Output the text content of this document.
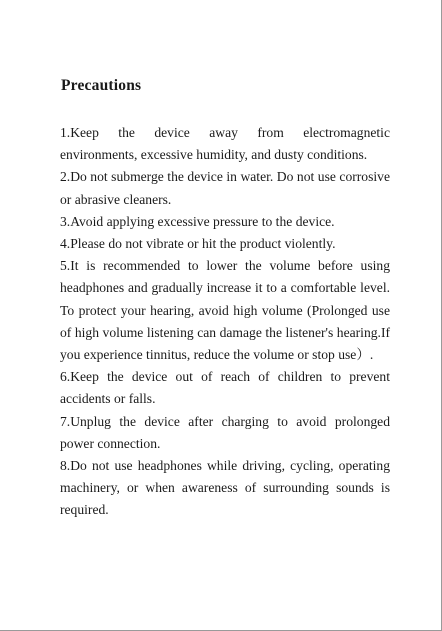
Precautions
1.Keep the device away from electromagnetic environments, excessive humidity, and dusty conditions.
2.Do not submerge the device in water. Do not use corrosive or abrasive cleaners.
3.Avoid applying excessive pressure to the device.
4.Please do not vibrate or hit the product violently.
5.It is recommended to lower the volume before using headphones and gradually increase it to a comfortable level. To protect your hearing, avoid high volume (Prolonged use of high volume listening can damage the listener's hearing.If you experience tinnitus, reduce the volume or stop use）.
6.Keep the device out of reach of children to prevent accidents or falls.
7.Unplug the device after charging to avoid prolonged power connection.
8.Do not use headphones while driving, cycling, operating machinery, or when awareness of surrounding sounds is required.
